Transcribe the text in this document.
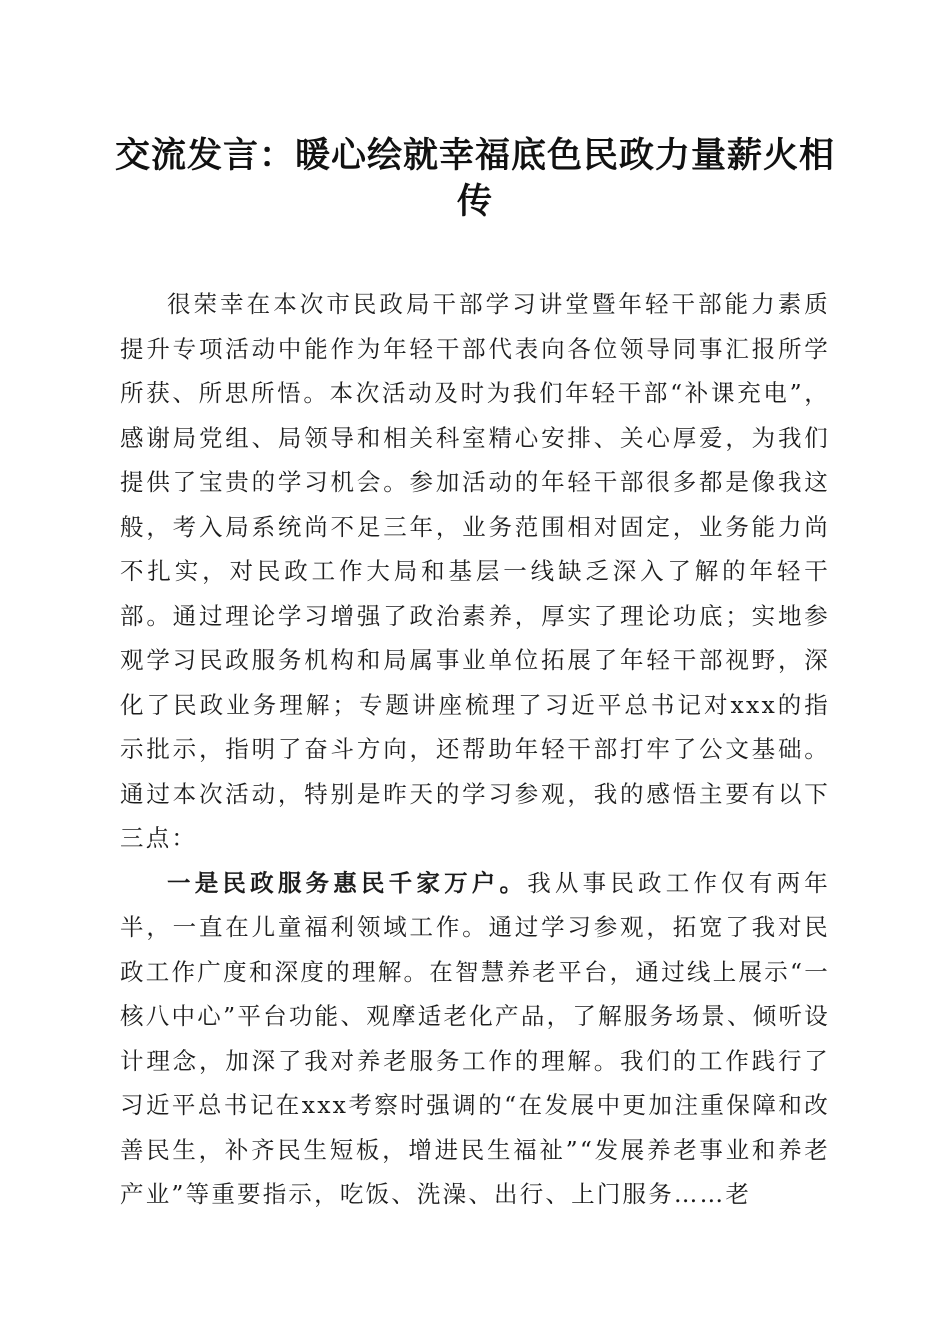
交流发言：暖心绘就幸福底色民政力量薪火相传

很荣幸在本次市民政局干部学习讲堂暨年轻干部能力素质提升专项活动中能作为年轻干部代表向各位领导同事汇报所学所获、所思所悟。本次活动及时为我们年轻干部“补课充电”，感谢局党组、局领导和相关科室精心安排、关心厚爱，为我们提供了宝贵的学习机会。参加活动的年轻干部很多都是像我这般，考入局系统尚不足三年，业务范围相对固定，业务能力尚不扎实，对民政工作大局和基层一线缺乏深入了解的年轻干部。通过理论学习增强了政治素养，厚实了理论功底；实地参观学习民政服务机构和局属事业单位拓展了年轻干部视野，深化了民政业务理解；专题讲座梳理了习近平总书记对xxx的指示批示，指明了奋斗方向，还帮助年轻干部打牢了公文基础。通过本次活动，特别是昨天的学习参观，我的感悟主要有以下三点：

一是民政服务惠民千家万户。我从事民政工作仅有两年半，一直在儿童福利领域工作。通过学习参观，拓宽了我对民政工作广度和深度的理解。在智慧养老平台，通过线上展示“一核八中心”平台功能、观摩适老化产品，了解服务场景、倾听设计理念，加深了我对养老服务工作的理解。我们的工作践行了习近平总书记在xxx考察时强调的“在发展中更加注重保障和改善民生，补齐民生短板，增进民生福祉”“发展养老事业和养老产业”等重要指示，吃饭、洗澡、出行、上门服务……老
